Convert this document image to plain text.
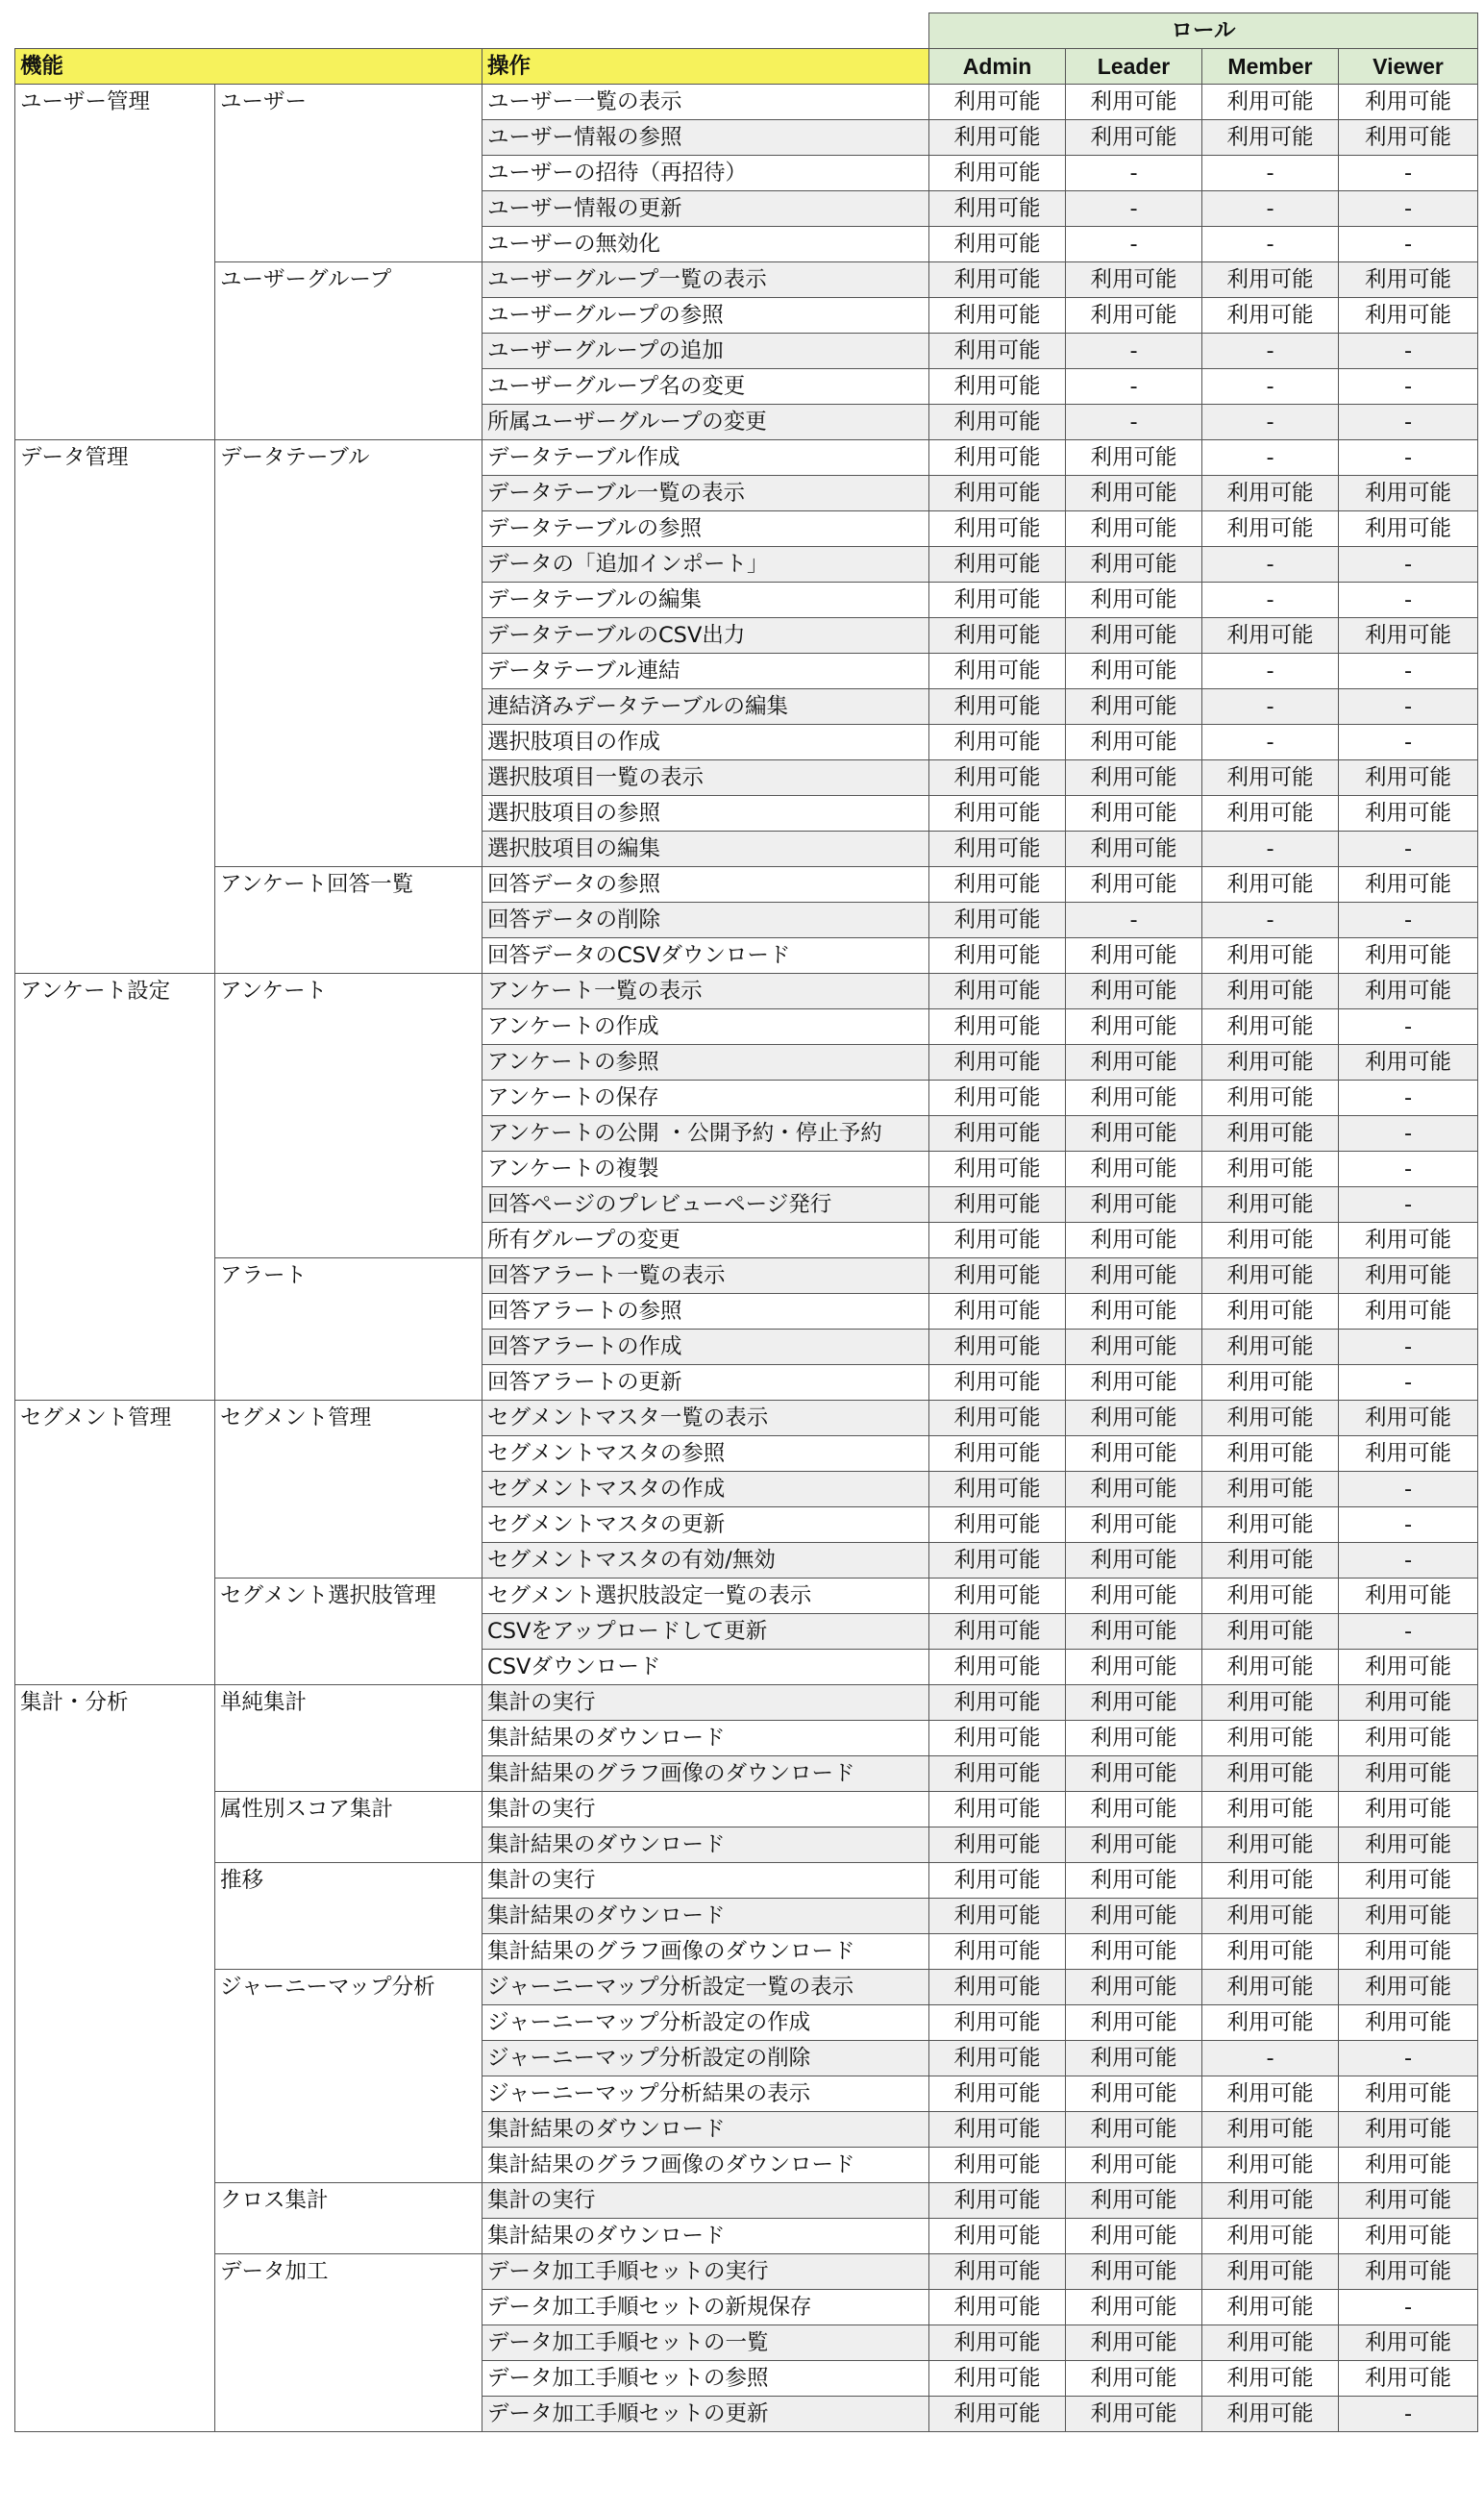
			ロール			
機能		操作	Admin	Leader	Member	Viewer
ユーザー管理	ユーザー	ユーザー一覧の表示	利用可能	利用可能	利用可能	利用可能
		ユーザー情報の参照	利用可能	利用可能	利用可能	利用可能
		ユーザーの招待（再招待）	利用可能	-	-	-
		ユーザー情報の更新	利用可能	-	-	-
		ユーザーの無効化	利用可能	-	-	-
	ユーザーグループ	ユーザーグループ一覧の表示	利用可能	利用可能	利用可能	利用可能
		ユーザーグループの参照	利用可能	利用可能	利用可能	利用可能
		ユーザーグループの追加	利用可能	-	-	-
		ユーザーグループ名の変更	利用可能	-	-	-
		所属ユーザーグループの変更	利用可能	-	-	-
データ管理	データテーブル	データテーブル作成	利用可能	利用可能	-	-
		データテーブル一覧の表示	利用可能	利用可能	利用可能	利用可能
		データテーブルの参照	利用可能	利用可能	利用可能	利用可能
		データの「追加インポート」	利用可能	利用可能	-	-
		データテーブルの編集	利用可能	利用可能	-	-
		データテーブルのCSV出力	利用可能	利用可能	利用可能	利用可能
		データテーブル連結	利用可能	利用可能	-	-
		連結済みデータテーブルの編集	利用可能	利用可能	-	-
		選択肢項目の作成	利用可能	利用可能	-	-
		選択肢項目一覧の表示	利用可能	利用可能	利用可能	利用可能
		選択肢項目の参照	利用可能	利用可能	利用可能	利用可能
		選択肢項目の編集	利用可能	利用可能	-	-
	アンケート回答一覧	回答データの参照	利用可能	利用可能	利用可能	利用可能
		回答データの削除	利用可能	-	-	-
		回答データのCSVダウンロード	利用可能	利用可能	利用可能	利用可能
アンケート設定	アンケート	アンケート一覧の表示	利用可能	利用可能	利用可能	利用可能
		アンケートの作成	利用可能	利用可能	利用可能	-
		アンケートの参照	利用可能	利用可能	利用可能	利用可能
		アンケートの保存	利用可能	利用可能	利用可能	-
		アンケートの公開 ・公開予約・停止予約	利用可能	利用可能	利用可能	-
		アンケートの複製	利用可能	利用可能	利用可能	-
		回答ページのプレビューページ発行	利用可能	利用可能	利用可能	-
		所有グループの変更	利用可能	利用可能	利用可能	利用可能
	アラート	回答アラート一覧の表示	利用可能	利用可能	利用可能	利用可能
		回答アラートの参照	利用可能	利用可能	利用可能	利用可能
		回答アラートの作成	利用可能	利用可能	利用可能	-
		回答アラートの更新	利用可能	利用可能	利用可能	-
セグメント管理	セグメント管理	セグメントマスタ一覧の表示	利用可能	利用可能	利用可能	利用可能
		セグメントマスタの参照	利用可能	利用可能	利用可能	利用可能
		セグメントマスタの作成	利用可能	利用可能	利用可能	-
		セグメントマスタの更新	利用可能	利用可能	利用可能	-
		セグメントマスタの有効/無効	利用可能	利用可能	利用可能	-
	セグメント選択肢管理	セグメント選択肢設定一覧の表示	利用可能	利用可能	利用可能	利用可能
		CSVをアップロードして更新	利用可能	利用可能	利用可能	-
		CSVダウンロード	利用可能	利用可能	利用可能	利用可能
集計・分析	単純集計	集計の実行	利用可能	利用可能	利用可能	利用可能
		集計結果のダウンロード	利用可能	利用可能	利用可能	利用可能
		集計結果のグラフ画像のダウンロード	利用可能	利用可能	利用可能	利用可能
	属性別スコア集計	集計の実行	利用可能	利用可能	利用可能	利用可能
		集計結果のダウンロード	利用可能	利用可能	利用可能	利用可能
	推移	集計の実行	利用可能	利用可能	利用可能	利用可能
		集計結果のダウンロード	利用可能	利用可能	利用可能	利用可能
		集計結果のグラフ画像のダウンロード	利用可能	利用可能	利用可能	利用可能
	ジャーニーマップ分析	ジャーニーマップ分析設定一覧の表示	利用可能	利用可能	利用可能	利用可能
		ジャーニーマップ分析設定の作成	利用可能	利用可能	利用可能	利用可能
		ジャーニーマップ分析設定の削除	利用可能	利用可能	-	-
		ジャーニーマップ分析結果の表示	利用可能	利用可能	利用可能	利用可能
		集計結果のダウンロード	利用可能	利用可能	利用可能	利用可能
		集計結果のグラフ画像のダウンロード	利用可能	利用可能	利用可能	利用可能
	クロス集計	集計の実行	利用可能	利用可能	利用可能	利用可能
		集計結果のダウンロード	利用可能	利用可能	利用可能	利用可能
	データ加工	データ加工手順セットの実行	利用可能	利用可能	利用可能	利用可能
		データ加工手順セットの新規保存	利用可能	利用可能	利用可能	-
		データ加工手順セットの一覧	利用可能	利用可能	利用可能	利用可能
		データ加工手順セットの参照	利用可能	利用可能	利用可能	利用可能
		データ加工手順セットの更新	利用可能	利用可能	利用可能	-
